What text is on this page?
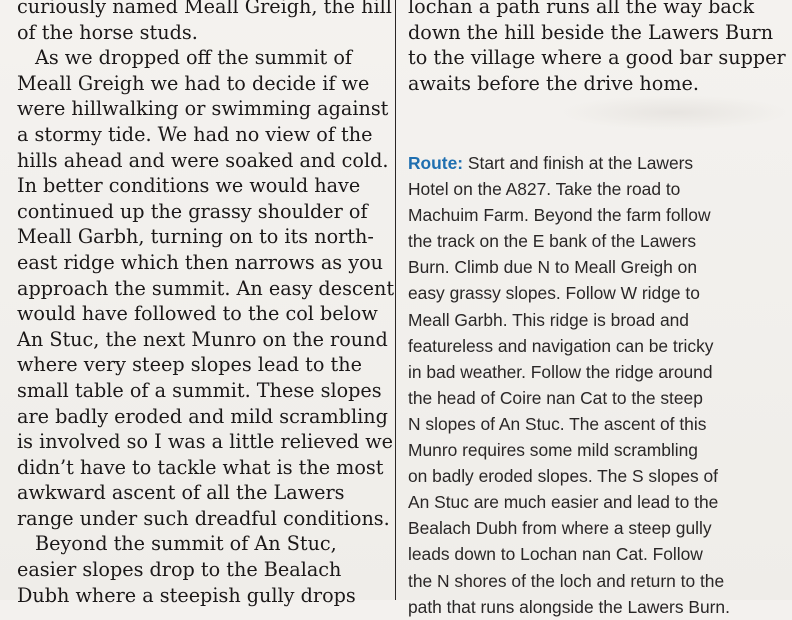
curiously named Meall Greigh, the hill
of the horse studs.
As we dropped off the summit of
Meall Greigh we had to decide if we
were hillwalking or swimming against
a stormy tide. We had no view of the
hills ahead and were soaked and cold.
In better conditions we would have
continued up the grassy shoulder of
Meall Garbh, turning on to its north-
east ridge which then narrows as you
approach the summit. An easy descent
would have followed to the col below
An Stuc, the next Munro on the round
where very steep slopes lead to the
small table of a summit. These slopes
are badly eroded and mild scrambling
is involved so I was a little relieved we
didn’t have to tackle what is the most
awkward ascent of all the Lawers
range under such dreadful conditions.
Beyond the summit of An Stuc,
easier slopes drop to the Bealach
Dubh where a steepish gully drops
lochan a path runs all the way back
down the hill beside the Lawers Burn
to the village where a good bar supper
awaits before the drive home.
Route: Start and finish at the Lawers
Hotel on the A827. Take the road to
Machuim Farm. Beyond the farm follow
the track on the E bank of the Lawers
Burn. Climb due N to Meall Greigh on
easy grassy slopes. Follow W ridge to
Meall Garbh. This ridge is broad and
featureless and navigation can be tricky
in bad weather. Follow the ridge around
the head of Coire nan Cat to the steep
N slopes of An Stuc. The ascent of this
Munro requires some mild scrambling
on badly eroded slopes. The S slopes of
An Stuc are much easier and lead to the
Bealach Dubh from where a steep gully
leads down to Lochan nan Cat. Follow
the N shores of the loch and return to the
path that runs alongside the Lawers Burn.
